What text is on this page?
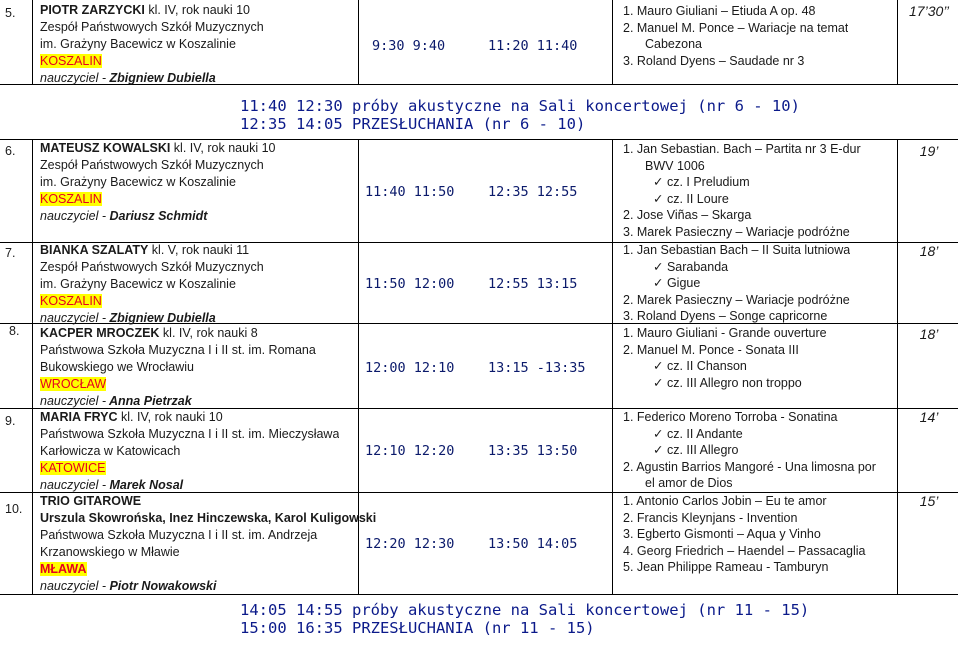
5. PIOTR ZARZYCKI kl. IV, rok nauki 10
Zespół Państwowych Szkół Muzycznych
im. Grażyny Bacewicz w Koszalinie
KOSZALIN
nauczyciel - Zbigniew Dubiella
9:30 9:40	11:20 11:40
1. Mauro Giuliani – Etiuda A op. 48
2. Manuel M. Ponce – Wariacje na temat
Cabezona
3. Roland Dyens – Saudade nr 3
17’30’’
11:40 12:30 próby akustyczne na Sali koncertowej (nr 6 - 10)
12:35 14:05 PRZESŁUCHANIA (nr 6 - 10)
6. MATEUSZ KOWALSKI kl. IV, rok nauki 10
Zespół Państwowych Szkół Muzycznych
im. Grażyny Bacewicz w Koszalinie
KOSZALIN
nauczyciel - Dariusz Schmidt
11:40 11:50 12:35 12:55
1. Jan Sebastian. Bach – Partita nr 3 E-dur
BWV 1006
✓ cz. I Preludium
✓ cz. II Loure
2. Jose Viñas – Skarga
3. Marek Pasieczny – Wariacje podróżne
19’
7. BIANKA SZALATY kl. V, rok nauki 11
Zespół Państwowych Szkół Muzycznych
im. Grażyny Bacewicz w Koszalinie
KOSZALIN
nauczyciel - Zbigniew Dubiella
11:50 12:00 12:55 13:15
1. Jan Sebastian Bach – II Suita lutniowa
✓ Sarabanda
✓ Gigue
2. Marek Pasieczny – Wariacje podróżne
3. Roland Dyens – Songe capricorne
18’
8. KACPER MROCZEK kl. IV, rok nauki 8
Państwowa Szkoła Muzyczna I i II st. im. Romana
Bukowskiego we Wrocławiu
WROCŁAW
nauczyciel - Anna Pietrzak
12:00 12:10 13:15 -13:35
1. Mauro Giuliani - Grande ouverture
2. Manuel M. Ponce - Sonata III
✓ cz. II Chanson
✓ cz. III Allegro non troppo
18’
9. MARIA FRYC kl. IV, rok nauki 10
Państwowa Szkoła Muzyczna I i II st. im. Mieczysława
Karłowicza w Katowicach
KATOWICE
nauczyciel - Marek Nosal
12:10 12:20 13:35 13:50
1. Federico Moreno Torroba - Sonatina
✓ cz. II Andante
✓ cz. III Allegro
2. Agustin Barrios Mangoré - Una limosna por
el amor de Dios
14’
10.
TRIO GITAROWE
Urszula Skowrońska, Inez Hinczewska, Karol Kuligowski
Państwowa Szkoła Muzyczna I i II st. im. Andrzeja
Krzanowskiego w Mławie
MŁAWA
nauczyciel - Piotr Nowakowski
12:20 12:30 13:50 14:05
1. Antonio Carlos Jobin – Eu te amor
2. Francis Kleynjans - Invention
3. Egberto Gismonti – Aqua y Vinho
4. Georg Friedrich – Haendel – Passacaglia
5. Jean Philippe Rameau - Tamburyn
15’
14:05 14:55 próby akustyczne na Sali koncertowej (nr 11 - 15)
15:00 16:35 PRZESŁUCHANIA (nr 11 - 15)
